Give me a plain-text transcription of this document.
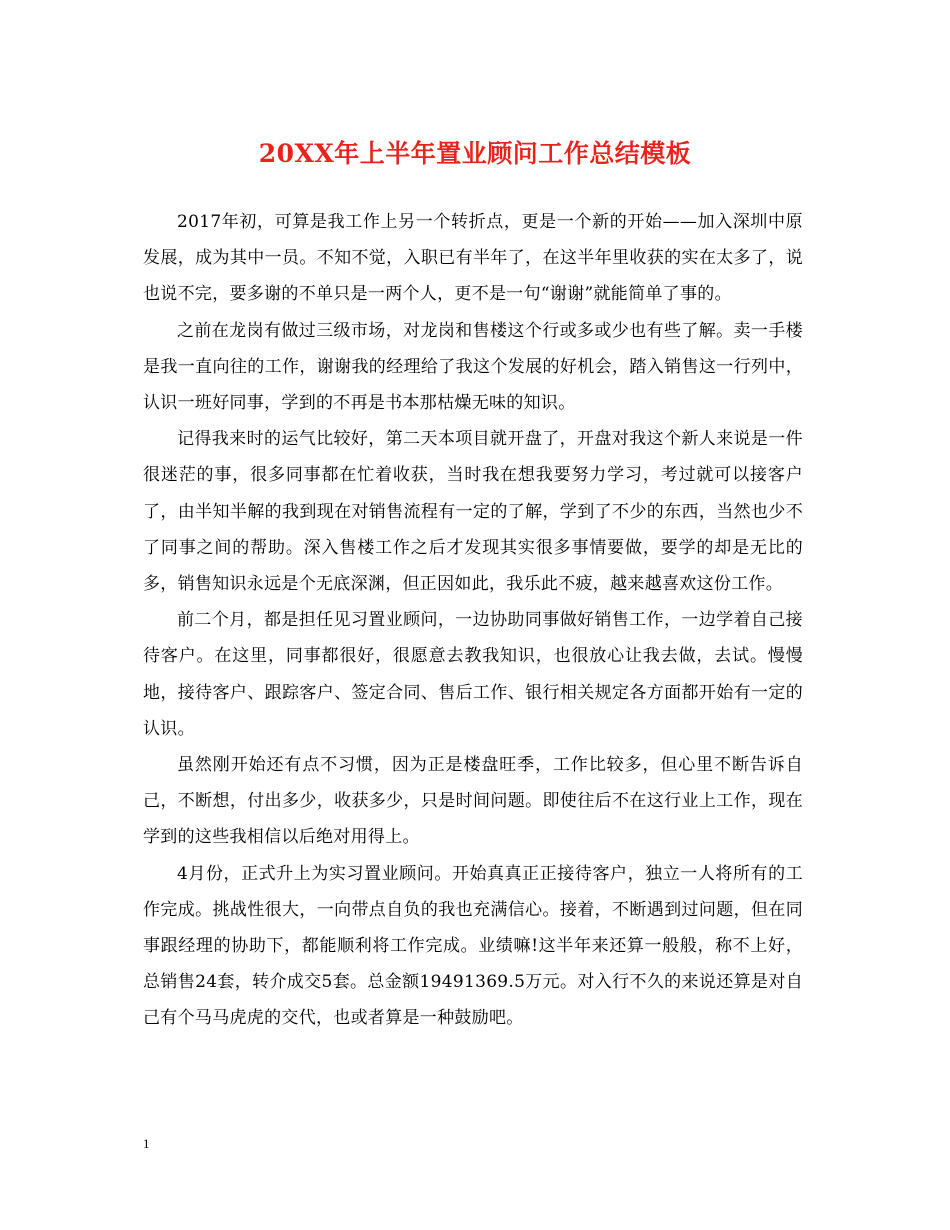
20XX年上半年置业顾问工作总结模板

2017年初，可算是我工作上另一个转折点，更是一个新的开始——加入深圳中原发展，成为其中一员。不知不觉，入职已有半年了，在这半年里收获的实在太多了，说也说不完，要多谢的不单只是一两个人，更不是一句“谢谢”就能简单了事的。

之前在龙岗有做过三级市场，对龙岗和售楼这个行或多或少也有些了解。卖一手楼是我一直向往的工作，谢谢我的经理给了我这个发展的好机会，踏入销售这一行列中，认识一班好同事，学到的不再是书本那枯燥无味的知识。

记得我来时的运气比较好，第二天本项目就开盘了，开盘对我这个新人来说是一件很迷茫的事，很多同事都在忙着收获，当时我在想我要努力学习，考过就可以接客户了，由半知半解的我到现在对销售流程有一定的了解，学到了不少的东西，当然也少不了同事之间的帮助。深入售楼工作之后才发现其实很多事情要做，要学的却是无比的多，销售知识永远是个无底深渊，但正因如此，我乐此不疲，越来越喜欢这份工作。

前二个月，都是担任见习置业顾问，一边协助同事做好销售工作，一边学着自己接待客户。在这里，同事都很好，很愿意去教我知识，也很放心让我去做，去试。慢慢地，接待客户、跟踪客户、签定合同、售后工作、银行相关规定各方面都开始有一定的认识。

虽然刚开始还有点不习惯，因为正是楼盘旺季，工作比较多，但心里不断告诉自己，不断想，付出多少，收获多少，只是时间问题。即使往后不在这行业上工作，现在学到的这些我相信以后绝对用得上。

4月份，正式升上为实习置业顾问。开始真真正正接待客户，独立一人将所有的工作完成。挑战性很大，一向带点自负的我也充满信心。接着，不断遇到过问题，但在同事跟经理的协助下，都能顺利将工作完成。业绩嘛!这半年来还算一般般，称不上好，总销售24套，转介成交5套。总金额19491369.5万元。对入行不久的来说还算是对自己有个马马虎虎的交代，也或者算是一种鼓励吧。

1
